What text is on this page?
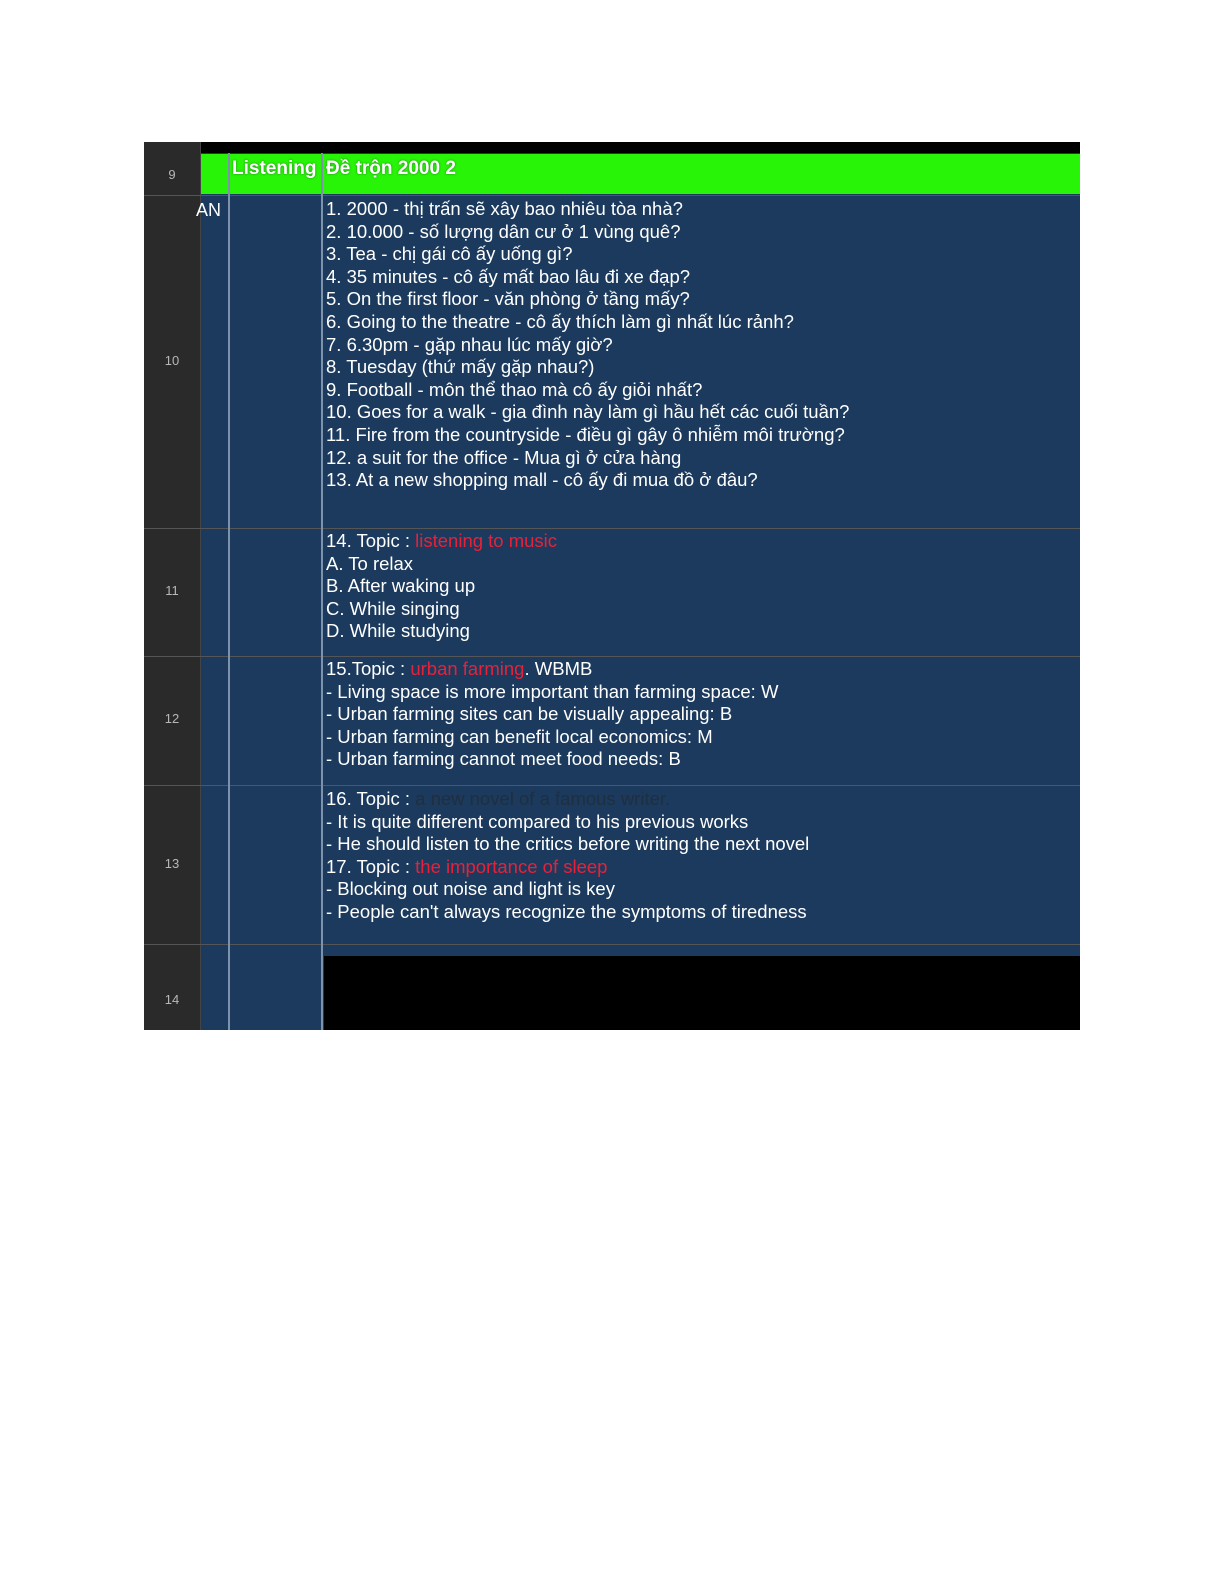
9
10
11
12
13
14
Listening Đề trộn 2000 2
AN	1. 2000 - thị trấn sẽ xây bao nhiêu tòa nhà?
2. 10.000 - số lượng dân cư ở 1 vùng quê?
3. Tea - chị gái cô ấy uống gì?
4. 35 minutes - cô ấy mất bao lâu đi xe đạp?
5. On the first floor - văn phòng ở tầng mấy?
6. Going to the theatre - cô ấy thích làm gì nhất lúc rảnh?
7. 6.30pm - gặp nhau lúc mấy giờ?
8. Tuesday (thứ mấy gặp nhau?)
9. Football - môn thể thao mà cô ấy giỏi nhất?
10. Goes for a walk - gia đình này làm gì hầu hết các cuối tuần?
11. Fire from the countryside - điều gì gây ô nhiễm môi trường?
12. a suit for the office - Mua gì ở cửa hàng
13. At a new shopping mall - cô ấy đi mua đồ ở đâu?
14. Topic : listening to music
A. To relax
B. After waking up
C. While singing
D. While studying
15.Topic : urban farming. WBMB
- Living space is more important than farming space: W
- Urban farming sites can be visually appealing: B
- Urban farming can benefit local economics: M
- Urban farming cannot meet food needs: B
16. Topic : a new novel of a famous writer.
- It is quite different compared to his previous works
- He should listen to the critics before writing the next novel
17. Topic : the importance of sleep
- Blocking out noise and light is key
- People can't always recognize the symptoms of tiredness
